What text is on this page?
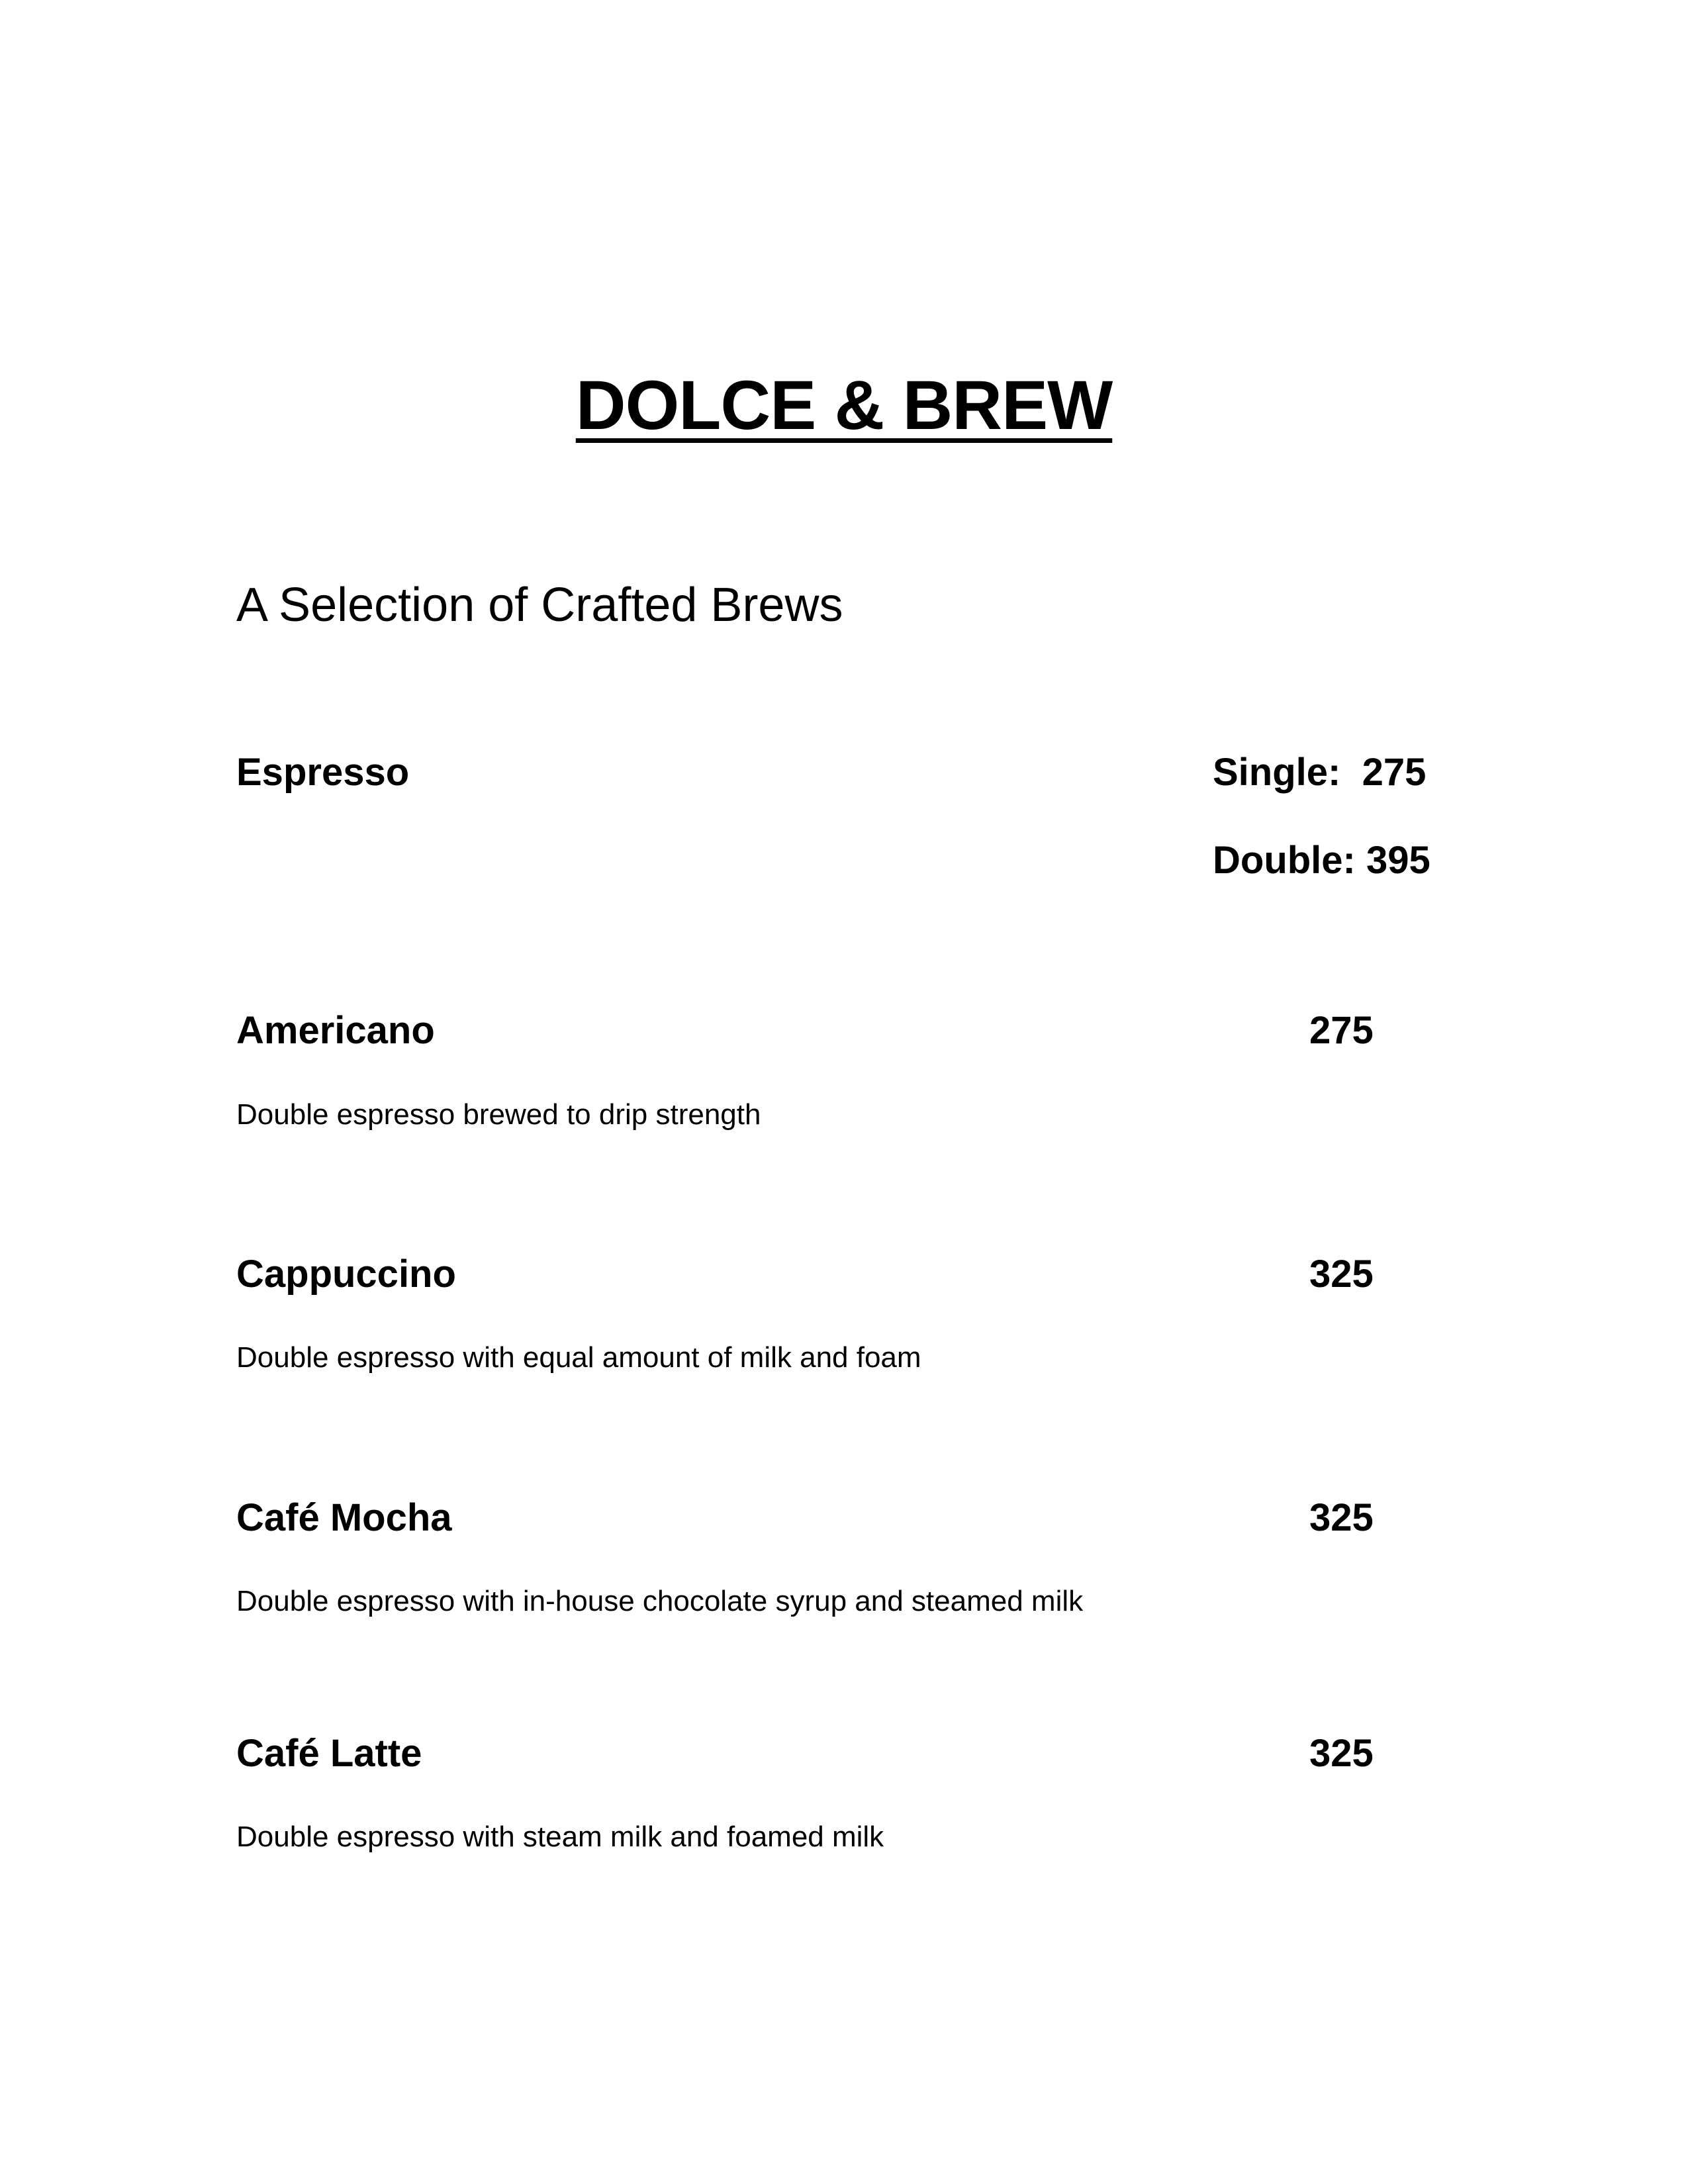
DOLCE & BREW
A Selection of Crafted Brews
Espresso	Single:  275
Double: 395
Americano	275
Double espresso brewed to drip strength
Cappuccino	325
Double espresso with equal amount of milk and foam
Café Mocha	325
Double espresso with in-house chocolate syrup and steamed milk
Café Latte	325
Double espresso with steam milk and foamed milk
